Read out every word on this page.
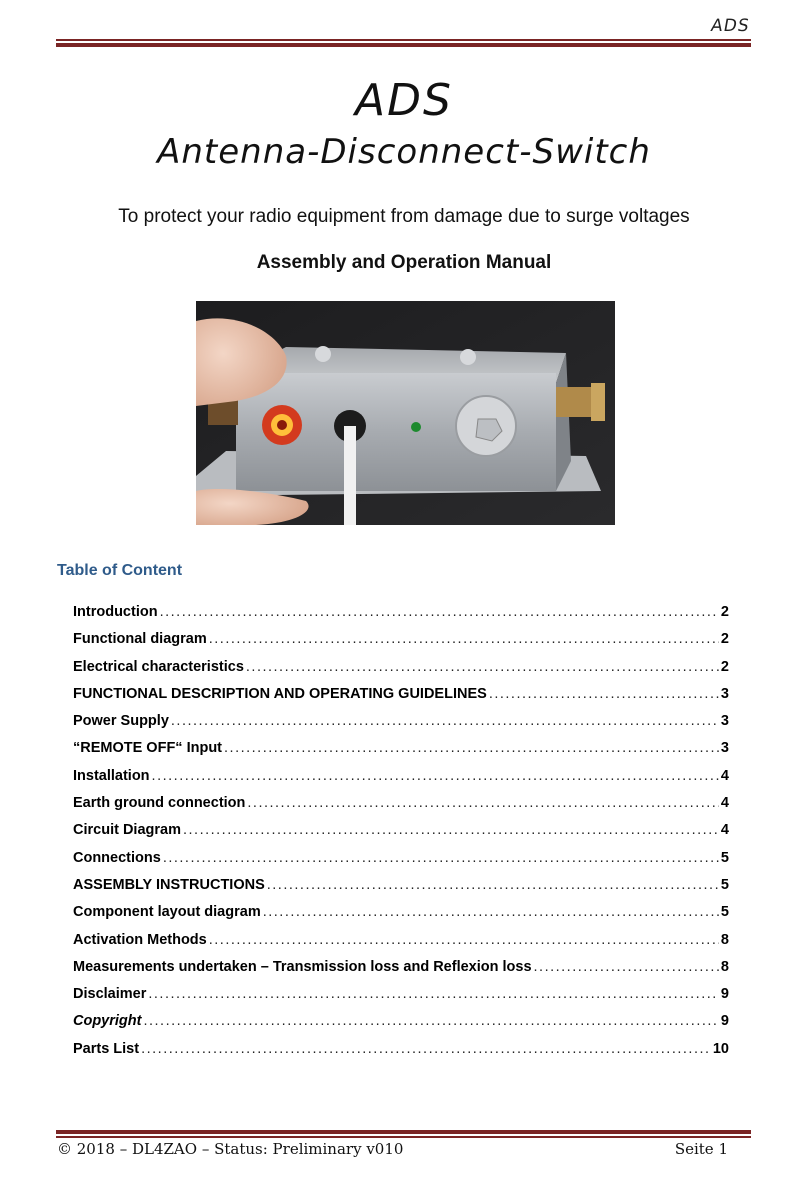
ADS
ADS
Antenna-Disconnect-Switch
To protect your radio equipment from damage due to surge voltages
Assembly and Operation Manual
Table of Content
Introduction .....	2
Functional diagram .....	2
Electrical characteristics .....	2
FUNCTIONAL DESCRIPTION AND OPERATING GUIDELINES .....	3
Power Supply .....	3
“REMOTE OFF“ Input .....	3
Installation .....	4
Earth ground connection .....	4
Circuit Diagram .....	4
Connections .....	5
ASSEMBLY INSTRUCTIONS .....	5
Component layout diagram .....	5
Activation Methods .....	8
Measurements undertaken – Transmission loss and Reflexion loss .....	8
Disclaimer .....	9
Copyright .....	9
Parts List .....	10
© 2018 – DL4ZAO – Status: Preliminary v010	Seite 1
